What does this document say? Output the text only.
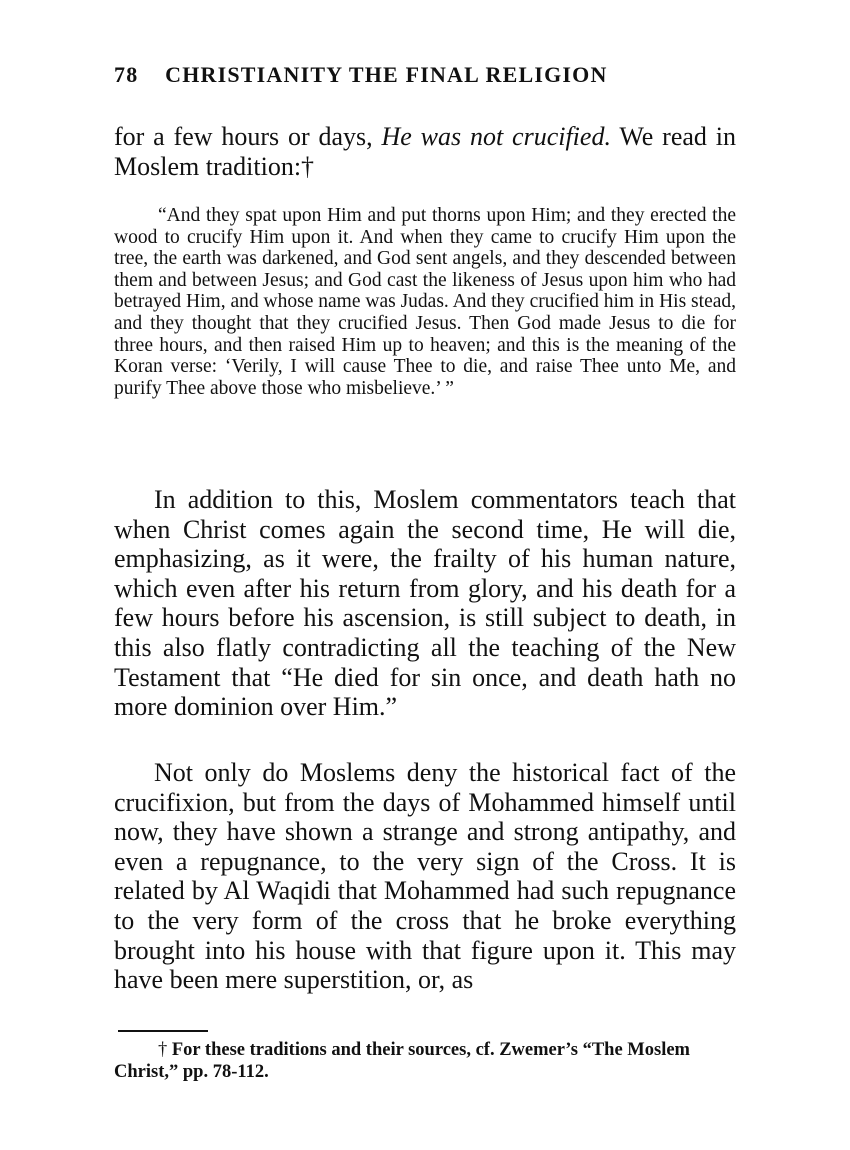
78 CHRISTIANITY THE FINAL RELIGION

for a few hours or days, He was not crucified. We read in Moslem tradition:†

“And they spat upon Him and put thorns upon Him; and they erected the wood to crucify Him upon it. And when they came to crucify Him upon the tree, the earth was darkened, and God sent angels, and they descended between them and between Jesus; and God cast the likeness of Jesus upon him who had betrayed Him, and whose name was Judas. And they crucified him in His stead, and they thought that they crucified Jesus. Then God made Jesus to die for three hours, and then raised Him up to heaven; and this is the meaning of the Koran verse: ‘Verily, I will cause Thee to die, and raise Thee unto Me, and purify Thee above those who misbelieve.’ ”

In addition to this, Moslem commentators teach that when Christ comes again the second time, He will die, emphasizing, as it were, the frailty of his human nature, which even after his return from glory, and his death for a few hours before his ascension, is still subject to death, in this also flatly contradicting all the teaching of the New Testament that “He died for sin once, and death hath no more dominion over Him.”

Not only do Moslems deny the historical fact of the crucifixion, but from the days of Mohammed himself until now, they have shown a strange and strong antipathy, and even a repugnance, to the very sign of the Cross. It is related by Al Waqidi that Mohammed had such repugnance to the very form of the cross that he broke everything brought into his house with that figure upon it. This may have been mere superstition, or, as

† For these traditions and their sources, cf. Zwemer’s “The Moslem Christ,” pp. 78-112.
